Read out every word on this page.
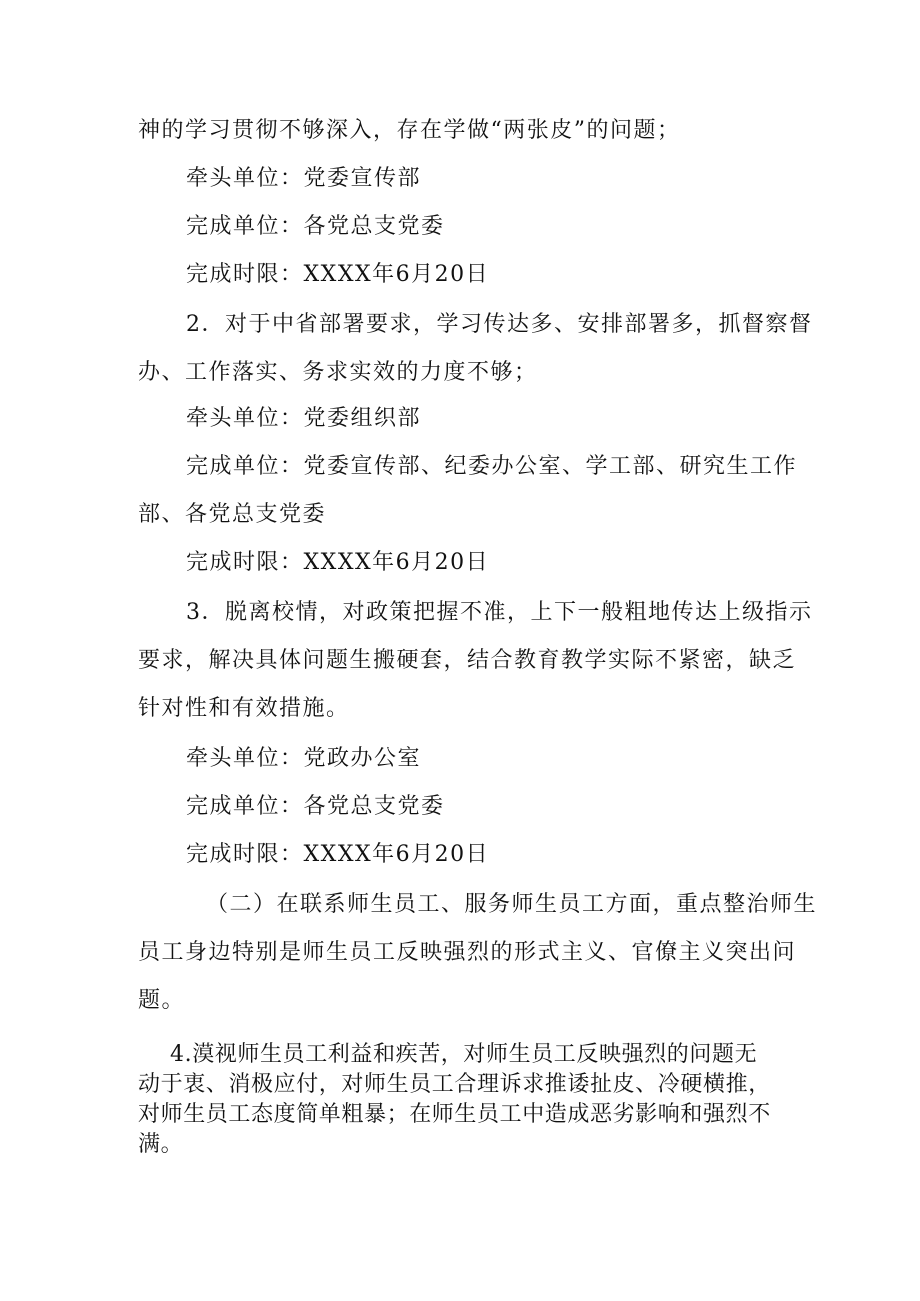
神的学习贯彻不够深入，存在学做“两张皮”的问题；
牵头单位：党委宣传部
完成单位：各党总支党委
完成时限：XXXX年6月20日
2．对于中省部署要求，学习传达多、安排部署多，抓督察督
办、工作落实、务求实效的力度不够；
牵头单位：党委组织部
完成单位：党委宣传部、纪委办公室、学工部、研究生工作
部、各党总支党委
完成时限：XXXX年6月20日
3．脱离校情，对政策把握不准，上下一般粗地传达上级指示
要求，解决具体问题生搬硬套，结合教育教学实际不紧密，缺乏
针对性和有效措施。
牵头单位：党政办公室
完成单位：各党总支党委
完成时限：XXXX年6月20日
（二）在联系师生员工、服务师生员工方面，重点整治师生
员工身边特别是师生员工反映强烈的形式主义、官僚主义突出问
题。
4.漠视师生员工利益和疾苦，对师生员工反映强烈的问题无
动于衷、消极应付，对师生员工合理诉求推诿扯皮、冷硬横推，
对师生员工态度简单粗暴；在师生员工中造成恶劣影响和强烈不
满。
